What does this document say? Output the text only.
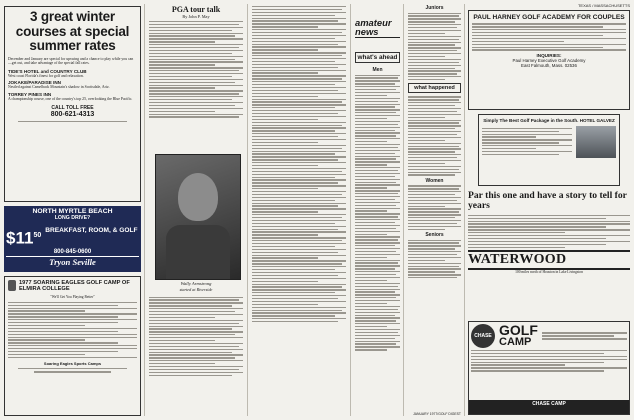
3 great winter courses at special summer rates
December and January are special for upswing and a chance to play while you can—get out, and take advantage of the special fall rates.
TIDE'S HOTEL and COUNTRY CLUB
West coast Florida's finest for golf and relaxation.
JOKAKE/PARADISE INN
Nestled against Camelback Mountain's shadow in Scottsdale, Ariz.
TORREY PINES INN
A championship course, one of the country's top 25, overlooking the Blue Pacific.
CALL TOLL FREE
800-621-4313
NORTH MYRTLE BEACH
LONG DRIVE?
$\$11^{50}$
BREAKFAST, ROOM, & GOLF
800-845-0600
Tryon Seville
1977 SOARING EAGLES GOLF CAMP OF ELMIRA COLLEGE
"We'll Get You Playing Better"
Soaring Eagles Sports Camps
PGA tour talk
By John P. May
Wally Armstrong
started at Riverside
amateur news
what's ahead
Men
Juniors
what happened
Women
Seniors
JANUARY 1977/GOLF DIGEST
TEXAS / MASSACHUSETTS
PAUL HARNEY GOLF ACADEMY FOR COUPLES
INQUIRIES:
Paul Harney Executive Golf Academy
East Falmouth, Mass. 02536
Simply The Best Golf Package in the South. HOTEL GALVEZ
Par this one and have a story to tell for years
WATERWOOD
100 miles north of Houston in Lake Livingston
CHASE GOLF
CAMP
CHASE CAMP
